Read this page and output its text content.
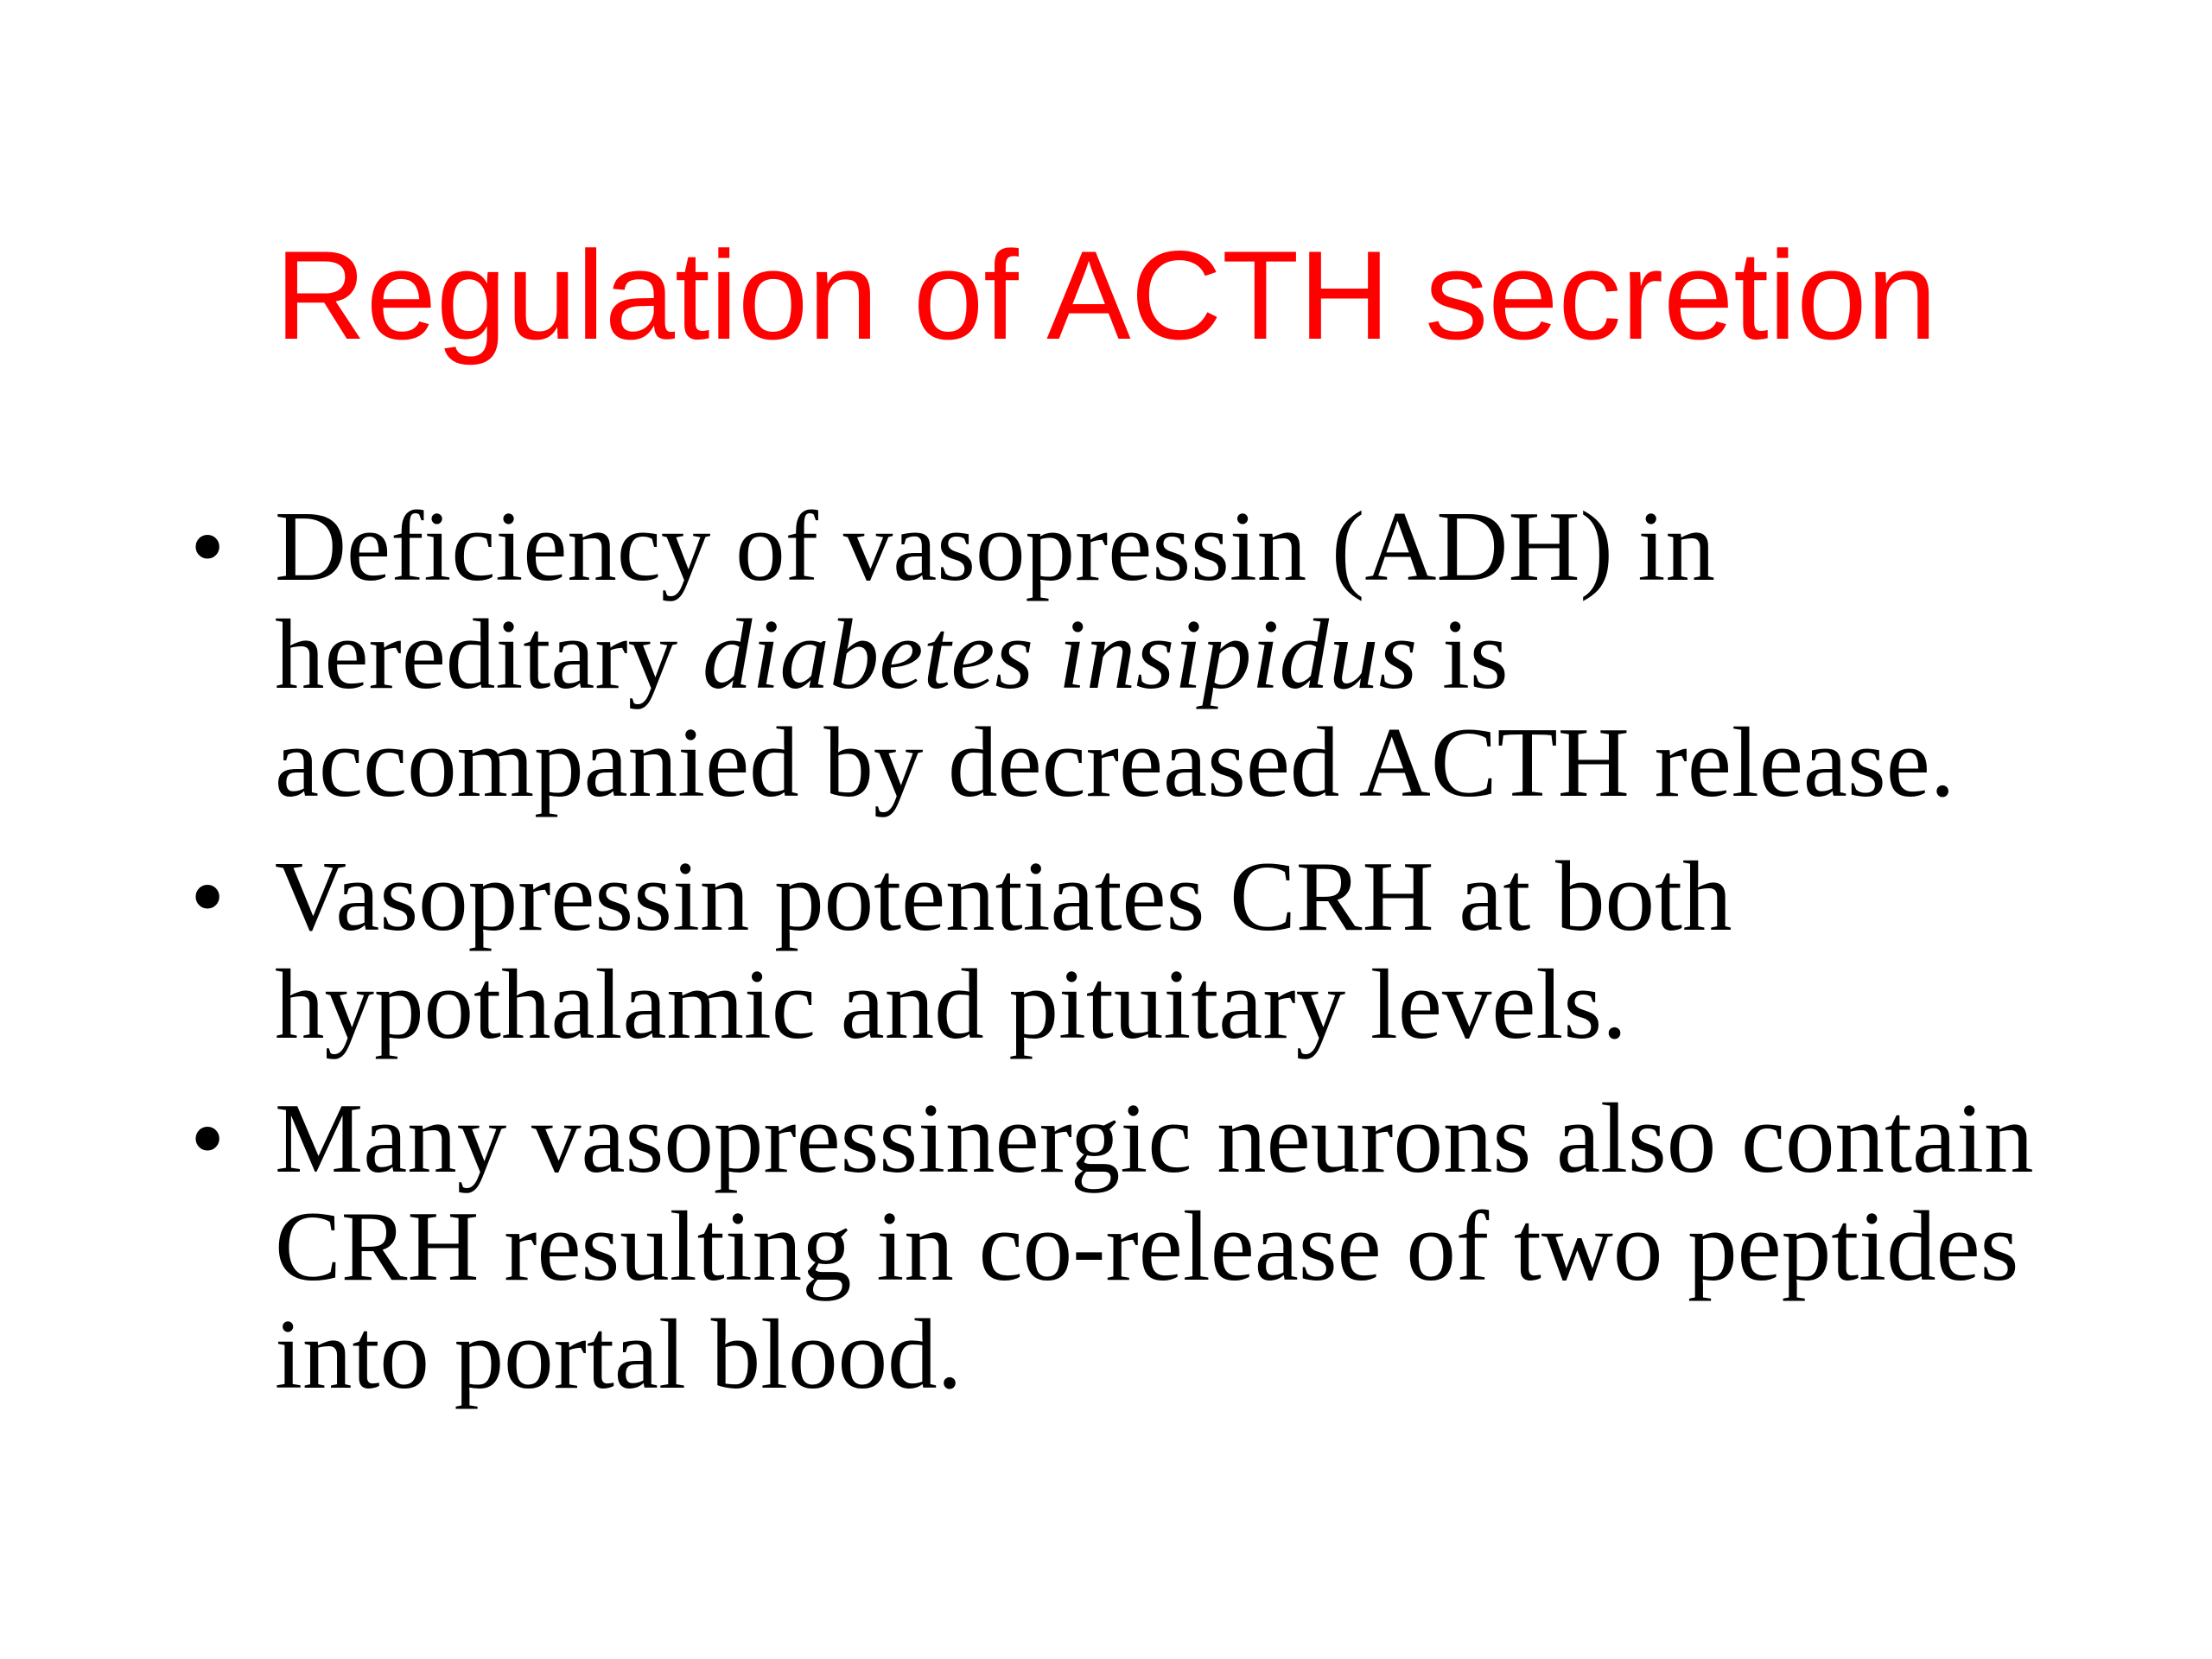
Regulation of ACTH secretion
• Deficiency of vasopressin (ADH) in
hereditary diabetes insipidus is
accompanied by decreased ACTH release.
• Vasopressin potentiates CRH at both
hypothalamic and pituitary levels.
• Many vasopressinergic neurons also contain
CRH resulting in co-release of two peptides
into portal blood.
